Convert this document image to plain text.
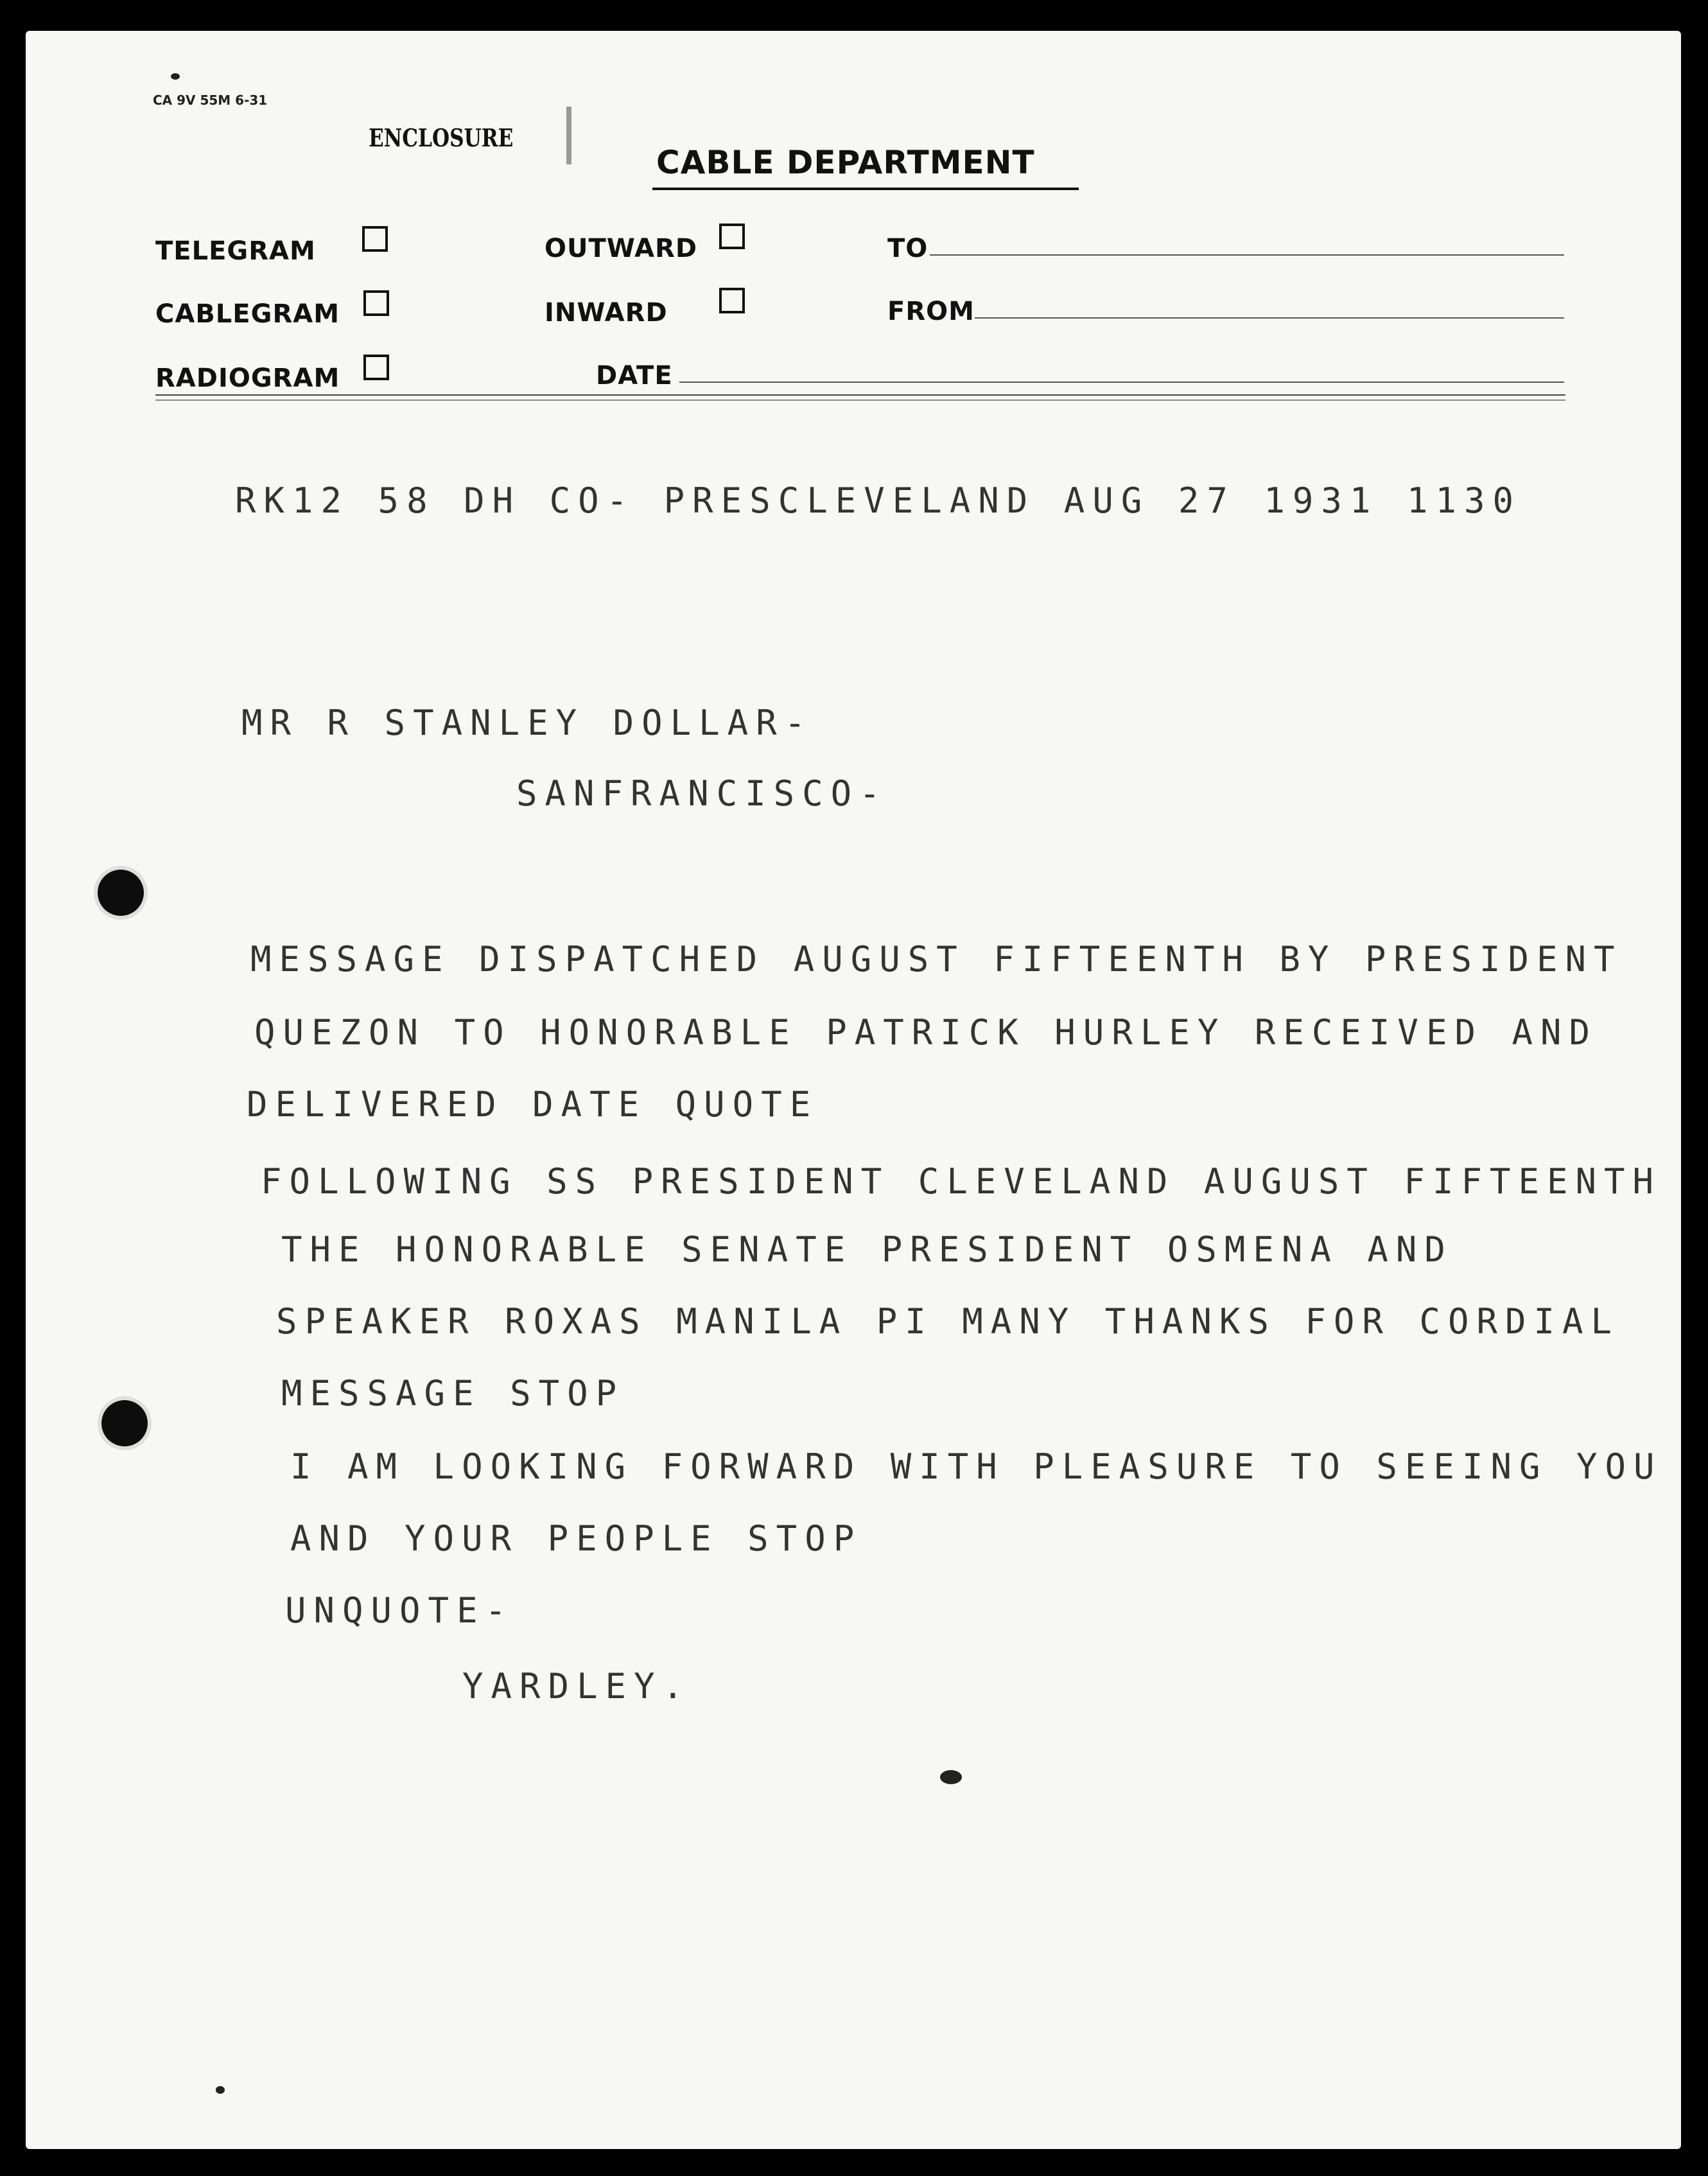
CA 9V 55M 6-31
ENCLOSURE
CABLE DEPARTMENT
TELEGRAM
CABLEGRAM
RADIOGRAM
OUTWARD
INWARD
DATE
TO
FROM
RK12 58 DH CO- PRESCLEVELAND AUG 27 1931 1130
MR R STANLEY DOLLAR-
SANFRANCISCO-
MESSAGE DISPATCHED AUGUST FIFTEENTH BY PRESIDENT
QUEZON TO HONORABLE PATRICK HURLEY RECEIVED AND
DELIVERED DATE QUOTE
FOLLOWING SS PRESIDENT CLEVELAND AUGUST FIFTEENTH
THE HONORABLE SENATE PRESIDENT OSMENA AND
SPEAKER ROXAS MANILA PI MANY THANKS FOR CORDIAL
MESSAGE STOP
I AM LOOKING FORWARD WITH PLEASURE TO SEEING YOU
AND YOUR PEOPLE STOP
UNQUOTE-
YARDLEY.
